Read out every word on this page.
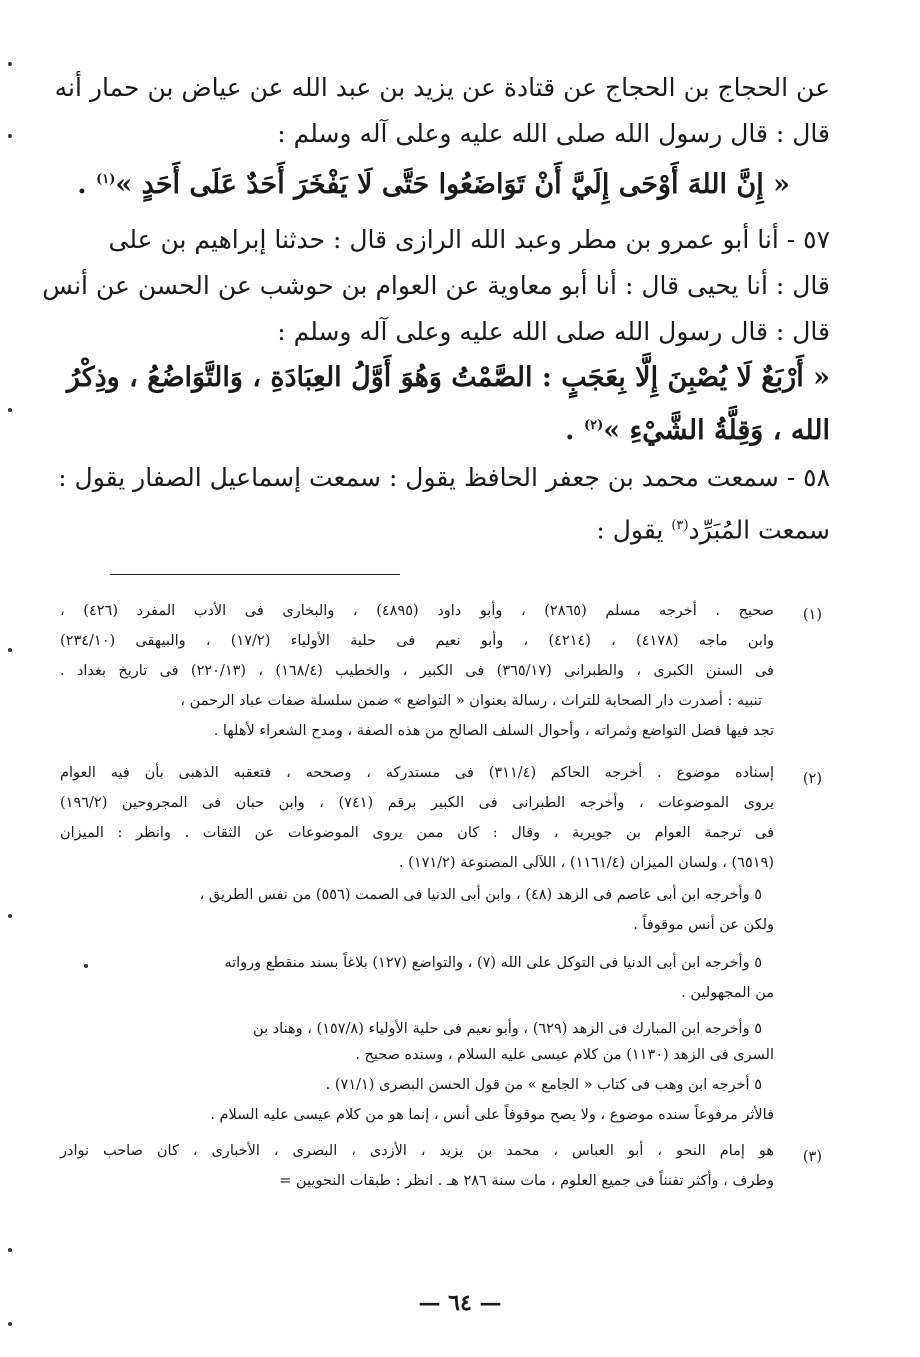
عن الحجاج بن الحجاج عن قتادة عن يزيد بن عبد الله عن عياض بن حمار أنه
قال : قال رسول الله صلى الله عليه وعلى آله وسلم :
« إِنَّ اللهَ أَوْحَى إِلَيَّ أَنْ تَوَاضَعُوا حَتَّى لَا يَفْخَرَ أَحَدٌ عَلَى أَحَدٍ »$^{(١)}$ .
٥٧ - أنا أبو عمرو بن مطر وعبد الله الرازى قال : حدثنا إبراهيم بن على
قال : أنا يحيى قال : أنا أبو معاوية عن العوام بن حوشب عن الحسن عن أنس
قال : قال رسول الله صلى الله عليه وعلى آله وسلم :
« أَرْبَعٌ لَا يُصْبِنَ إِلَّا بِعَجَبٍ : الصَّمْتُ وَهُوَ أَوَّلُ العِبَادَةِ ، وَالتَّوَاضُعُ ، وذِكْرُ
الله ، وَقِلَّةُ الشَّيْءِ »$^{(٢)}$ .
٥٨ - سمعت محمد بن جعفر الحافظ يقول : سمعت إسماعيل الصفار يقول :
سمعت المُبَرِّد$^{(٣)}$ يقول :
(١)
صحيح . أخرجه مسلم (٢٨٦٥) ، وأبو داود (٤٨٩٥) ، والبخارى فى الأدب المفرد (٤٢٦) ،
وابن ماجه (٤١٧٨) ، (٤٢١٤) ، وأبو نعيم فى حلية الأولياء (١٧/٢) ، والبيهقى (٢٣٤/١٠)
فى السنن الكبرى ، والطبرانى (٣٦٥/١٧) فى الكبير ، والخطيب (١٦٨/٤) ، (٢٢٠/١٣) فى تاريخ بغداد .
تنبيه : أصدرت دار الصحابة للتراث ، رسالة بعنوان « التواضع » ضمن سلسلة صفات عباد الرحمن ،
تجد فيها فضل التواضع وثمراته ، وأحوال السلف الصالح من هذه الصفة ، ومدح الشعراء لأهلها .
(٢)
إسناده موضوع . أخرجه الحاكم (٣١١/٤) فى مستدركه ، وصححه ، فتعقبه الذهبى بأن فيه العوام
يروى الموضوعات ، وأخرجه الطبرانى فى الكبير برقم (٧٤١) ، وابن حبان فى المجروحين (١٩٦/٢)
فى ترجمة العوام بن جويرية ، وقال : كان ممن يروى الموضوعات عن الثقات . وانظر : الميزان
(٦٥١٩) ، ولسان الميزان (١١٦١/٤) ، اللآلى المصنوعة (١٧١/٢) .
٥ وأخرجه ابن أبى عاصم فى الزهد (٤٨) ، وابن أبى الدنيا فى الصمت (٥٥٦) من نفس الطريق ،
ولكن عن أنس موقوفاً .
٥ وأخرجه ابن أبى الدنيا فى التوكل على الله (٧) ، والتواضع (١٢٧) بلاغاً بسند منقطع ورواته
من المجهولين .
٥ وأخرجه ابن المبارك فى الزهد (٦٢٩) ، وأبو نعيم فى حلية الأولياء (١٥٧/٨) ، وهناد بن
السرى فى الزهد (١١٣٠) من كلام عيسى عليه السلام ، وسنده صحيح .
٥ أخرجه ابن وهب فى كتاب « الجامع » من قول الحسن البصرى (٧١/١) .
فالأثر مرفوعاً سنده موضوع ، ولا يصح موقوفاً على أنس ، إنما هو من كلام عيسى عليه السلام .
(٣)
هو إمام النحو ، أبو العباس ، محمد بن يزيد ، الأزدى ، البصرى ، الأخبارى ، كان صاحب نوادر
وطرف ، وأكثر تفنناً فى جميع العلوم ، مات سنة ٢٨٦ هـ . انظر : طبقات النحويين =
— ٦٤ —
